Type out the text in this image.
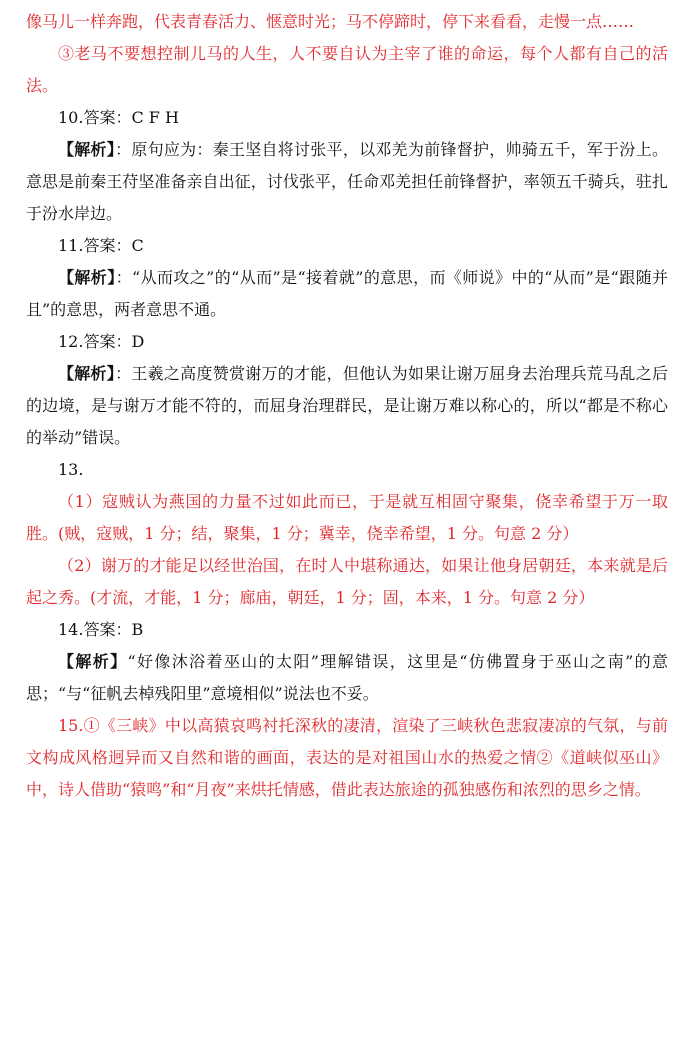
像马儿一样奔跑，代表青春活力、惬意时光；马不停蹄时，停下来看看，走慢一点……

③老马不要想控制儿马的人生，人不要自认为主宰了谁的命运，每个人都有自己的活法。

10.答案：C F H

【解析】：原句应为：秦王坚自将讨张平，以邓羌为前锋督护，帅骑五千，军于汾上。意思是前秦王苻坚准备亲自出征，讨伐张平，任命邓羌担任前锋督护，率领五千骑兵，驻扎于汾水岸边。

11.答案：C

【解析】：“从而攻之”的“从而”是“接着就”的意思，而《师说》中的“从而”是“跟随并且”的意思，两者意思不通。

12.答案：D

【解析】：王羲之高度赞赏谢万的才能，但他认为如果让谢万屈身去治理兵荒马乱之后的边境，是与谢万才能不符的，而屈身治理群民，是让谢万难以称心的，所以“都是不称心的举动”错误。

13.

（1）寇贼认为燕国的力量不过如此而已，于是就互相固守聚集，侥幸希望于万一取胜。(贼，寇贼，1 分；结，聚集，1 分；冀幸，侥幸希望，1 分。句意 2 分）

（2）谢万的才能足以经世治国，在时人中堪称通达，如果让他身居朝廷，本来就是后起之秀。(才流，才能，1 分；廊庙，朝廷，1 分；固，本来，1 分。句意 2 分）

14.答案：B

【解析】“好像沐浴着巫山的太阳”理解错误，这里是“仿佛置身于巫山之南”的意思；“与“征帆去棹残阳里”意境相似”说法也不妥。

15.①《三峡》中以高猿哀鸣衬托深秋的凄清，渲染了三峡秋色悲寂凄凉的气氛，与前文构成风格迥异而又自然和谐的画面，表达的是对祖国山水的热爱之情②《道峡似巫山》中，诗人借助“猿鸣”和“月夜”来烘托情感，借此表达旅途的孤独感伤和浓烈的思乡之情。
